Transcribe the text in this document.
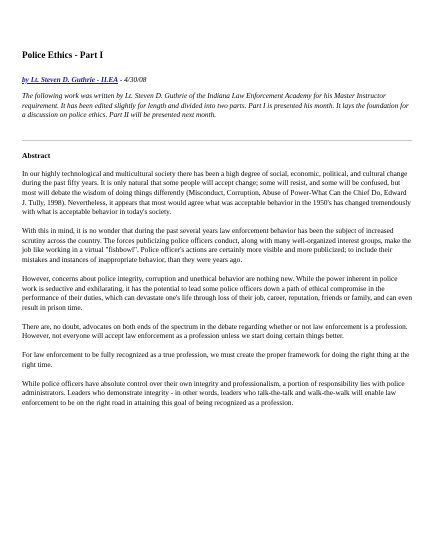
Police Ethics - Part I
by Lt. Steven D. Guthrie - ILEA - 4/30/08
The following work was written by Lt. Steven D. Guthrie of the Indiana Law Enforcement Academy for his Master Instructor requirement. It has been edited slightly for length and divided into two parts. Part I is presented his month. It lays the foundation for a discussion on police ethics. Part II will be presented next month.
Abstract

In our highly technological and multicultural society there has been a high degree of social, economic, political, and cultural change during the past fifty years. It is only natural that some people will accept change; some will resist, and some will be confused, but most will debate the wisdom of doing things differently (Misconduct, Corruption, Abuse of Power-What Can the Chief Do, Edward J. Tully, 1998). Nevertheless, it appears that most would agree what was acceptable behavior in the 1950's has changed tremendously with what is acceptable behavior in today's society.

With this in mind, it is no wonder that during the past several years law enforcement behavior has been the subject of increased scrutiny across the country. The forces publicizing police officers conduct, along with many well-organized interest groups, make the job like working in a virtual "fishbowl". Police officer's actions are certainly more visible and more publicized; to include their mistakes and instances of inappropriate behavior, than they were years ago.

However, concerns about police integrity, corruption and unethical behavior are nothing new. While the power inherent in police work is seductive and exhilarating, it has the potential to lead some police officers down a path of ethical compromise in the performance of their duties, which can devastate one's life through loss of their job, career, reputation, friends or family, and can even result in prison time.

There are, no doubt, advocates on both ends of the spectrum in the debate regarding whether or not law enforcement is a profession. However, not everyone will accept law enforcement as a profession unless we start doing certain things better.

For law enforcement to be fully recognized as a true profession, we must create the proper framework for doing the right thing at the right time.

While police officers have absolute control over their own integrity and professionalism, a portion of responsibility lies with police administrators. Leaders who demonstrate integrity - in other words, leaders who talk-the-talk and walk-the-walk will enable law enforcement to be on the right road in attaining this goal of being recognized as a profession.
